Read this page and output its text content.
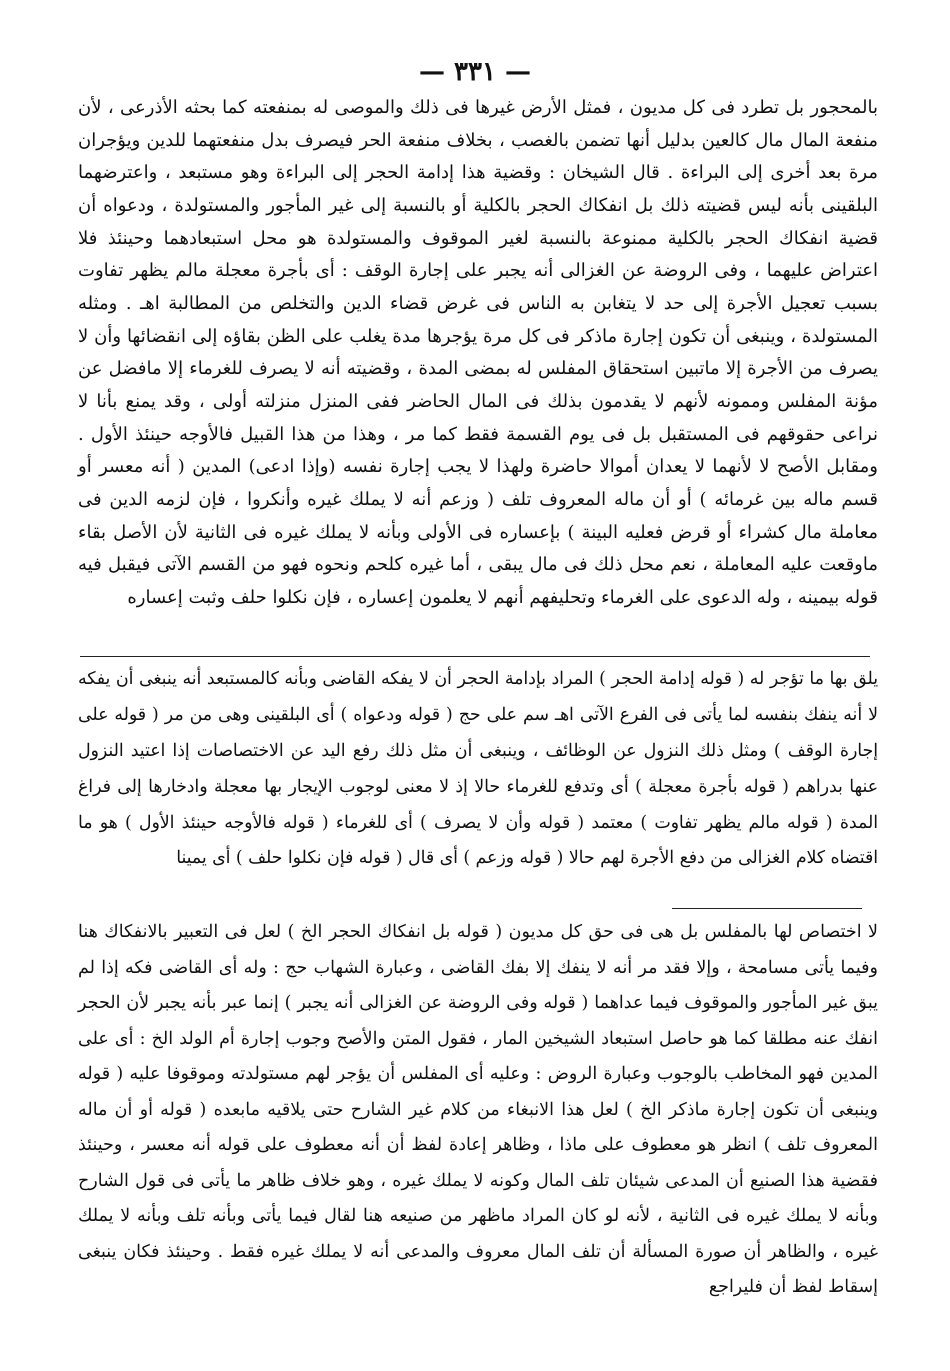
— ٣٣١ —

بالمحجور بل تطرد فى كل مديون ، فمثل الأرض غيرها فى ذلك والموصى له بمنفعته كما بحثه الأذرعى ، لأن منفعة المال مال كالعين بدليل أنها تضمن بالغصب ، بخلاف منفعة الحر فيصرف بدل منفعتهما للدين ويؤجران مرة بعد أخرى إلى البراءة . قال الشيخان : وقضية هذا إدامة الحجر إلى البراءة وهو مستبعد ، واعترضهما البلقينى بأنه ليس قضيته ذلك بل انفكاك الحجر بالكلية أو بالنسبة إلى غير المأجور والمستولدة ، ودعواه أن قضية انفكاك الحجر بالكلية ممنوعة بالنسبة لغير الموقوف والمستولدة هو محل استبعادهما وحينئذ فلا اعتراض عليهما ، وفى الروضة عن الغزالى أنه يجبر على إجارة الوقف : أى بأجرة معجلة مالم يظهر تفاوت بسبب تعجيل الأجرة إلى حد لا يتغابن به الناس فى غرض قضاء الدين والتخلص من المطالبة اهـ . ومثله المستولدة ، وينبغى أن تكون إجارة ماذكر فى كل مرة يؤجرها مدة يغلب على الظن بقاؤه إلى انقضائها وأن لا يصرف من الأجرة إلا ماتبين استحقاق المفلس له بمضى المدة ، وقضيته أنه لا يصرف للغرماء إلا مافضل عن مؤنة المفلس وممونه لأنهم لا يقدمون بذلك فى المال الحاضر ففى المنزل منزلته أولى ، وقد يمنع بأنا لا نراعى حقوقهم فى المستقبل بل فى يوم القسمة فقط كما مر ، وهذا من هذا القبيل فالأوجه حينئذ الأول . ومقابل الأصح لا لأنهما لا يعدان أموالا حاضرة ولهذا لا يجب إجارة نفسه (وإذا ادعى) المدين ( أنه معسر أو قسم ماله بين غرمائه ) أو أن ماله المعروف تلف ( وزعم أنه لا يملك غيره وأنكروا ، فإن لزمه الدين فى معاملة مال كشراء أو قرض فعليه البينة ) بإعساره فى الأولى وبأنه لا يملك غيره فى الثانية لأن الأصل بقاء ماوقعت عليه المعاملة ، نعم محل ذلك فى مال يبقى ، أما غيره كلحم ونحوه فهو من القسم الآتى فيقبل فيه قوله بيمينه ، وله الدعوى على الغرماء وتحليفهم أنهم لا يعلمون إعساره ، فإن نكلوا حلف وثبت إعساره

يلق بها ما تؤجر له ( قوله إدامة الحجر ) المراد بإدامة الحجر أن لا يفكه القاضى وبأنه كالمستبعد أنه ينبغى أن يفكه لا أنه ينفك بنفسه لما يأتى فى الفرع الآتى اهـ سم على حج ( قوله ودعواه ) أى البلقينى وهى من مر ( قوله على إجارة الوقف ) ومثل ذلك النزول عن الوظائف ، وينبغى أن مثل ذلك رفع اليد عن الاختصاصات إذا اعتيد النزول عنها بدراهم ( قوله بأجرة معجلة ) أى وتدفع للغرماء حالا إذ لا معنى لوجوب الإيجار بها معجلة وادخارها إلى فراغ المدة ( قوله مالم يظهر تفاوت ) معتمد ( قوله وأن لا يصرف ) أى للغرماء ( قوله فالأوجه حينئذ الأول ) هو ما اقتضاه كلام الغزالى من دفع الأجرة لهم حالا ( قوله وزعم ) أى قال ( قوله فإن نكلوا حلف ) أى يمينا

لا اختصاص لها بالمفلس بل هى فى حق كل مديون ( قوله بل انفكاك الحجر الخ ) لعل فى التعبير بالانفكاك هنا وفيما يأتى مسامحة ، وإلا فقد مر أنه لا ينفك إلا بفك القاضى ، وعبارة الشهاب حج : وله أى القاضى فكه إذا لم يبق غير المأجور والموقوف فيما عداهما ( قوله وفى الروضة عن الغزالى أنه يجبر ) إنما عبر بأنه يجبر لأن الحجر انفك عنه مطلقا كما هو حاصل استبعاد الشيخين المار ، فقول المتن والأصح وجوب إجارة أم الولد الخ : أى على المدين فهو المخاطب بالوجوب وعبارة الروض : وعليه أى المفلس أن يؤجر لهم مستولدته وموقوفا عليه ( قوله وينبغى أن تكون إجارة ماذكر الخ ) لعل هذا الانبغاء من كلام غير الشارح حتى يلاقيه مابعده ( قوله أو أن ماله المعروف تلف ) انظر هو معطوف على ماذا ، وظاهر إعادة لفظ أن أنه معطوف على قوله أنه معسر ، وحينئذ فقضية هذا الصنيع أن المدعى شيئان تلف المال وكونه لا يملك غيره ، وهو خلاف ظاهر ما يأتى فى قول الشارح وبأنه لا يملك غيره فى الثانية ، لأنه لو كان المراد ماظهر من صنيعه هنا لقال فيما يأتى وبأنه تلف وبأنه لا يملك غيره ، والظاهر أن صورة المسألة أن تلف المال معروف والمدعى أنه لا يملك غيره فقط . وحينئذ فكان ينبغى إسقاط لفظ أن فليراجع
